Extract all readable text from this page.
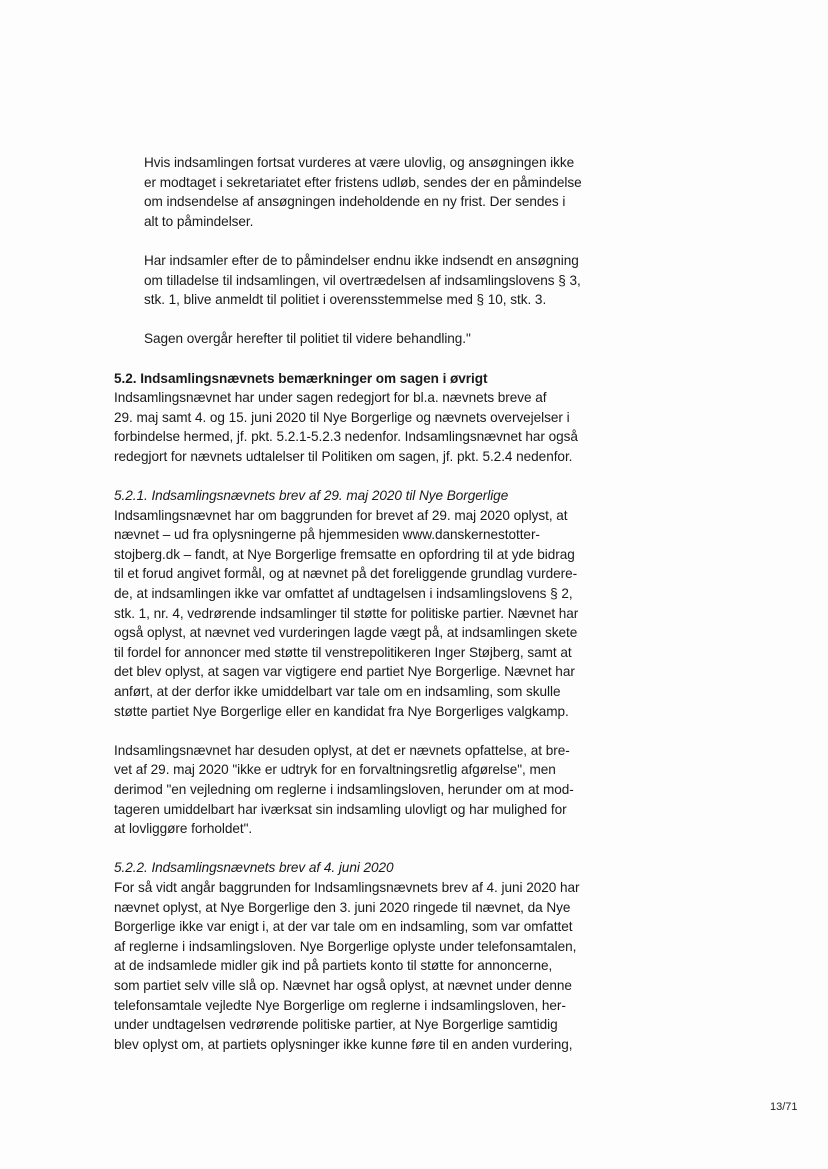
Hvis indsamlingen fortsat vurderes at være ulovlig, og ansøgningen ikke
er modtaget i sekretariatet efter fristens udløb, sendes der en påmindelse
om indsendelse af ansøgningen indeholdende en ny frist. Der sendes i
alt to påmindelser.

Har indsamler efter de to påmindelser endnu ikke indsendt en ansøgning
om tilladelse til indsamlingen, vil overtrædelsen af indsamlingslovens § 3,
stk. 1, blive anmeldt til politiet i overensstemmelse med § 10, stk. 3.

Sagen overgår herefter til politiet til videre behandling."

5.2. Indsamlingsnævnets bemærkninger om sagen i øvrigt

Indsamlingsnævnet har under sagen redegjort for bl.a. nævnets breve af
29. maj samt 4. og 15. juni 2020 til Nye Borgerlige og nævnets overvejelser i
forbindelse hermed, jf. pkt. 5.2.1-5.2.3 nedenfor. Indsamlingsnævnet har også
redegjort for nævnets udtalelser til Politiken om sagen, jf. pkt. 5.2.4 nedenfor.

5.2.1. Indsamlingsnævnets brev af 29. maj 2020 til Nye Borgerlige

Indsamlingsnævnet har om baggrunden for brevet af 29. maj 2020 oplyst, at
nævnet – ud fra oplysningerne på hjemmesiden www.danskernestotter-
stojberg.dk – fandt, at Nye Borgerlige fremsatte en opfordring til at yde bidrag
til et forud angivet formål, og at nævnet på det foreliggende grundlag vurdere-
de, at indsamlingen ikke var omfattet af undtagelsen i indsamlingslovens § 2,
stk. 1, nr. 4, vedrørende indsamlinger til støtte for politiske partier. Nævnet har
også oplyst, at nævnet ved vurderingen lagde vægt på, at indsamlingen skete
til fordel for annoncer med støtte til venstrepolitikeren Inger Støjberg, samt at
det blev oplyst, at sagen var vigtigere end partiet Nye Borgerlige. Nævnet har
anført, at der derfor ikke umiddelbart var tale om en indsamling, som skulle
støtte partiet Nye Borgerlige eller en kandidat fra Nye Borgerliges valgkamp.

Indsamlingsnævnet har desuden oplyst, at det er nævnets opfattelse, at bre-
vet af 29. maj 2020 "ikke er udtryk for en forvaltningsretlig afgørelse", men
derimod "en vejledning om reglerne i indsamlingsloven, herunder om at mod-
tageren umiddelbart har iværksat sin indsamling ulovligt og har mulighed for
at lovliggøre forholdet".

5.2.2. Indsamlingsnævnets brev af 4. juni 2020

For så vidt angår baggrunden for Indsamlingsnævnets brev af 4. juni 2020 har
nævnet oplyst, at Nye Borgerlige den 3. juni 2020 ringede til nævnet, da Nye
Borgerlige ikke var enigt i, at der var tale om en indsamling, som var omfattet
af reglerne i indsamlingsloven. Nye Borgerlige oplyste under telefonsamtalen,
at de indsamlede midler gik ind på partiets konto til støtte for annoncerne,
som partiet selv ville slå op. Nævnet har også oplyst, at nævnet under denne
telefonsamtale vejledte Nye Borgerlige om reglerne i indsamlingsloven, her-
under undtagelsen vedrørende politiske partier, at Nye Borgerlige samtidig
blev oplyst om, at partiets oplysninger ikke kunne føre til en anden vurdering,

13/71
